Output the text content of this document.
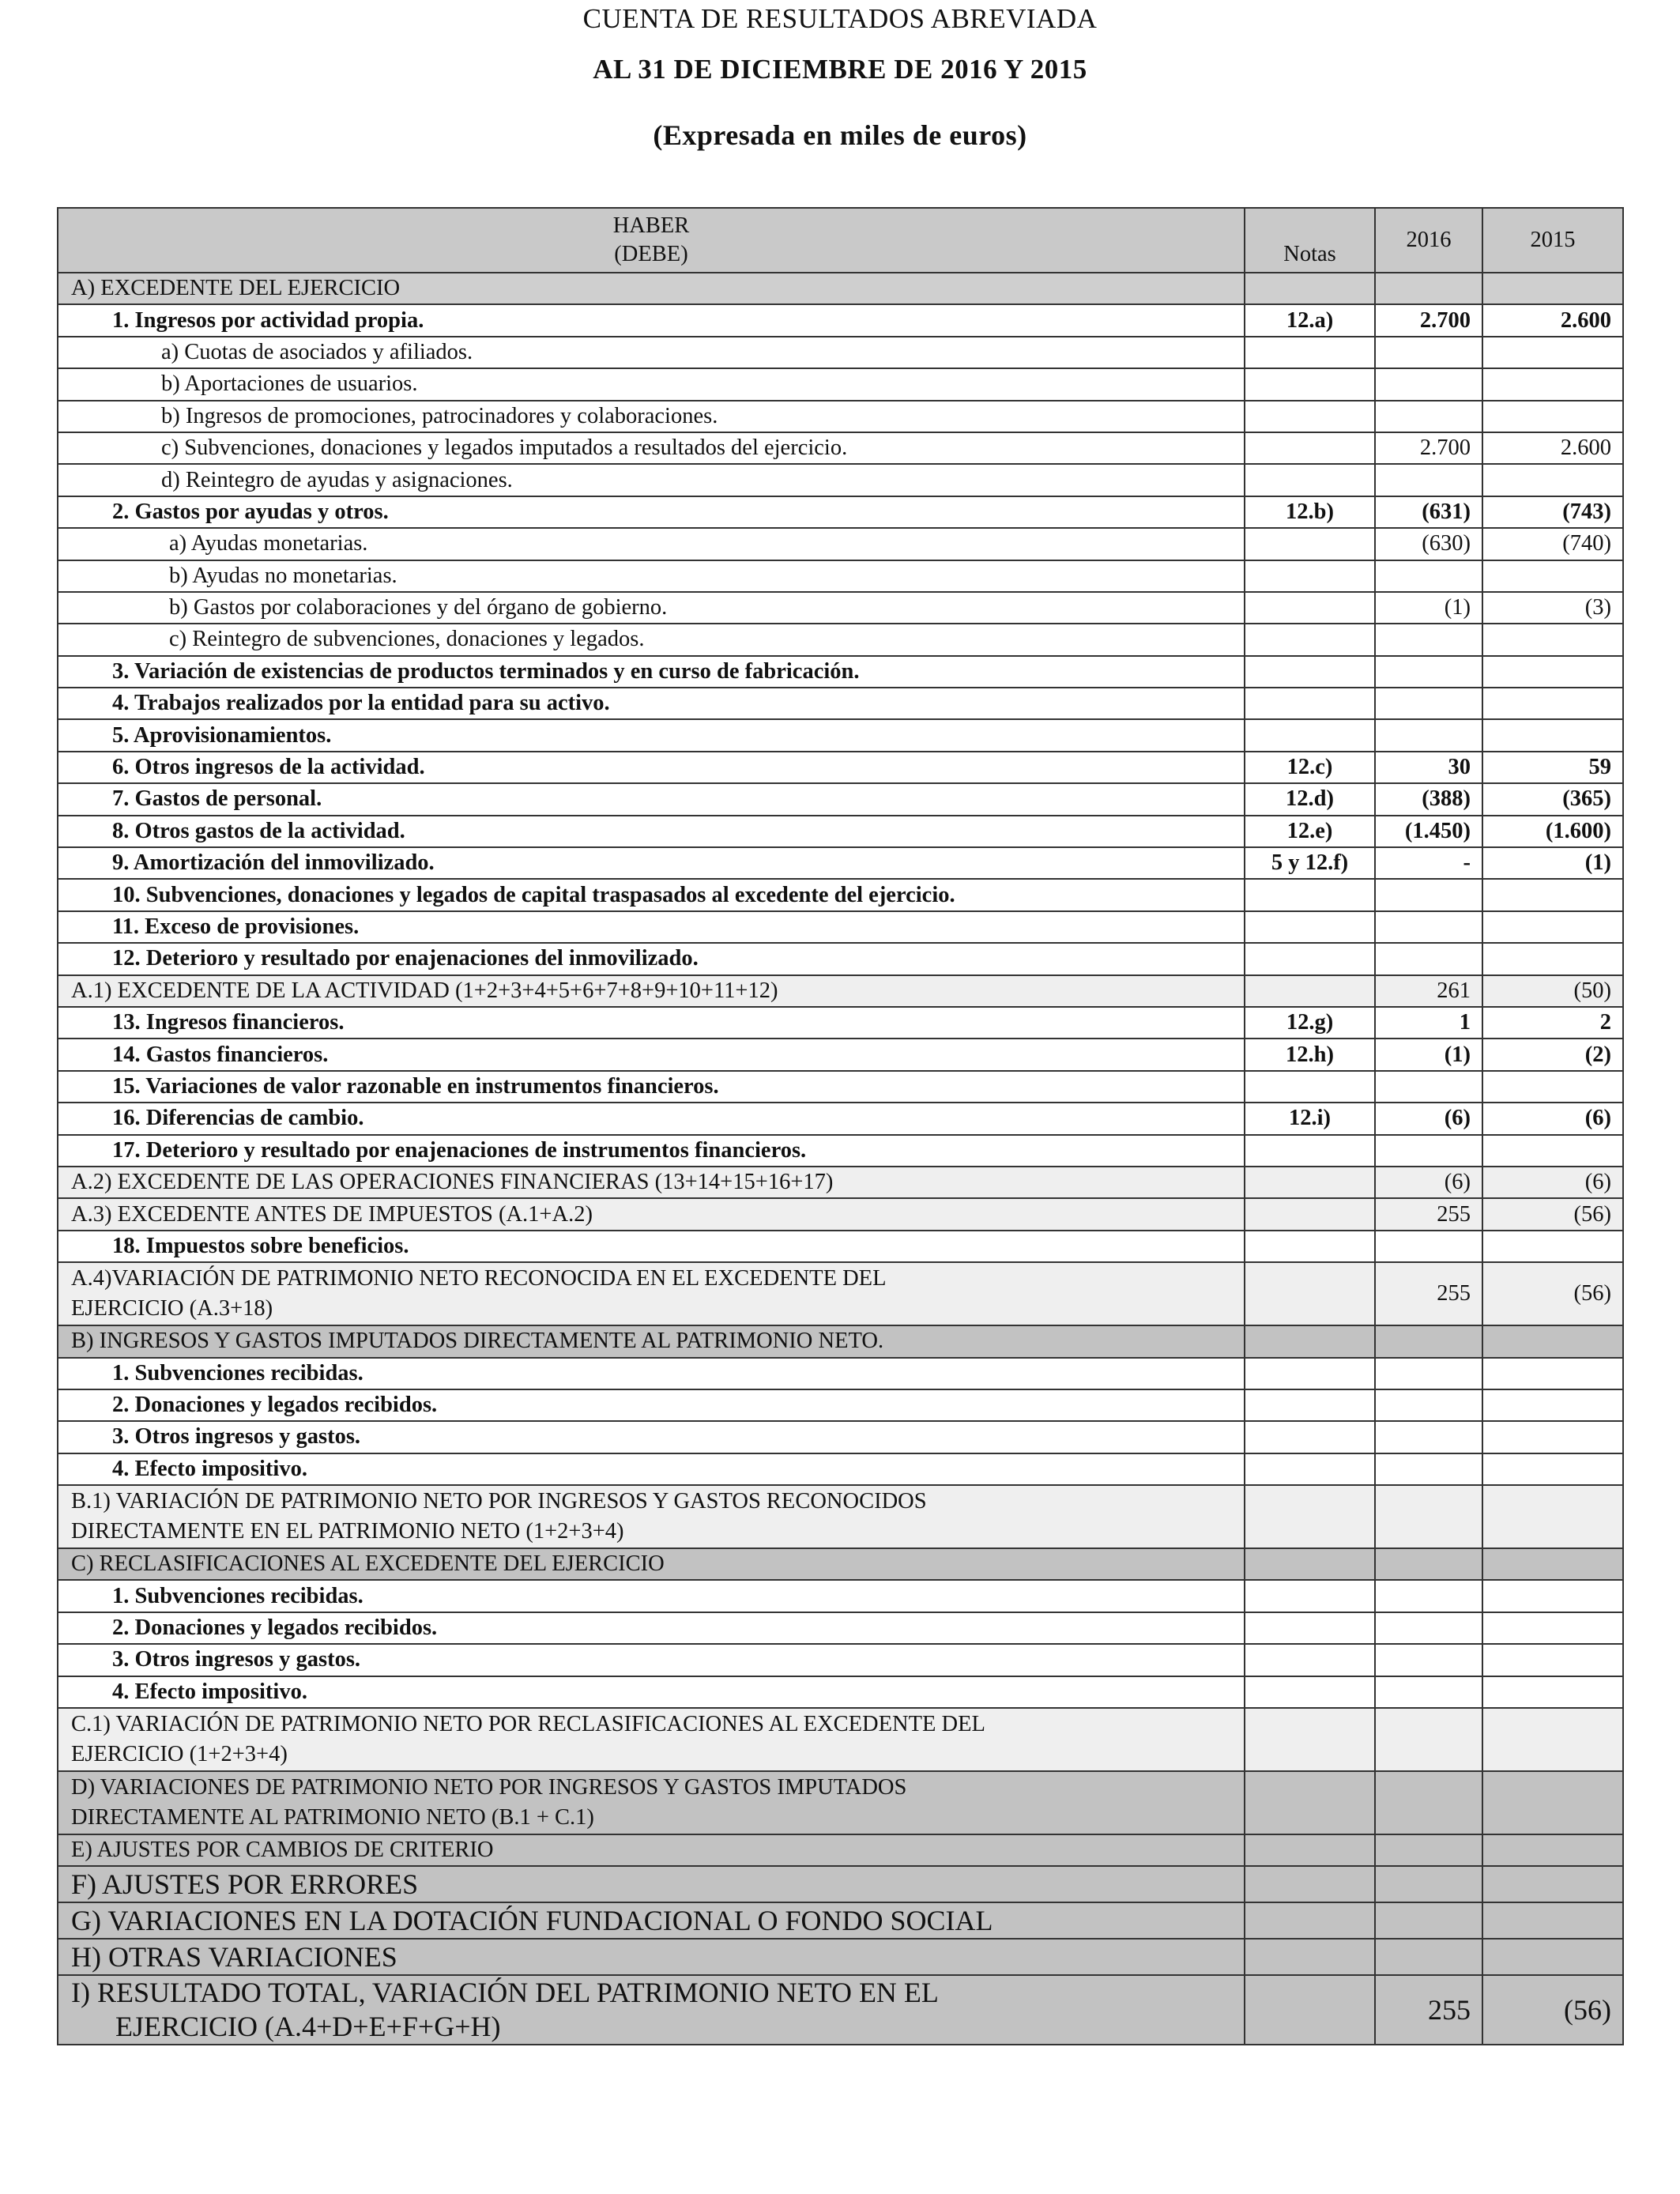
CUENTA DE RESULTADOS ABREVIADA
AL 31 DE DICIEMBRE DE 2016 Y 2015
(Expresada en miles de euros)
HABER
(DEBE)	Notas	2016	2015
A) EXCEDENTE DEL EJERCICIO			
1. Ingresos por actividad propia.	12.a)	2.700	2.600
a) Cuotas de asociados y afiliados.			
b) Aportaciones de usuarios.			
b) Ingresos de promociones, patrocinadores y colaboraciones.			
c) Subvenciones, donaciones y legados imputados a resultados del ejercicio.		2.700	2.600
d) Reintegro de ayudas y asignaciones.			
2. Gastos por ayudas y otros.	12.b)	(631)	(743)
a) Ayudas monetarias.		(630)	(740)
b) Ayudas no monetarias.			
b) Gastos por colaboraciones y del órgano de gobierno.		(1)	(3)
c) Reintegro de subvenciones, donaciones y legados.			
3. Variación de existencias de productos terminados y en curso de fabricación.			
4. Trabajos realizados por la entidad para su activo.			
5. Aprovisionamientos.			
6. Otros ingresos de la actividad.	12.c)	30	59
7. Gastos de personal.	12.d)	(388)	(365)
8. Otros gastos de la actividad.	12.e)	(1.450)	(1.600)
9. Amortización del inmovilizado.	5 y 12.f)	-	(1)
10. Subvenciones, donaciones y legados de capital traspasados al excedente del ejercicio.			
11. Exceso de provisiones.			
12. Deterioro y resultado por enajenaciones del inmovilizado.			
A.1) EXCEDENTE DE LA ACTIVIDAD (1+2+3+4+5+6+7+8+9+10+11+12)		261	(50)
13. Ingresos financieros.	12.g)	1	2
14. Gastos financieros.	12.h)	(1)	(2)
15. Variaciones de valor razonable en instrumentos financieros.			
16. Diferencias de cambio.	12.i)	(6)	(6)
17. Deterioro y resultado por enajenaciones de instrumentos financieros.			
A.2) EXCEDENTE DE LAS OPERACIONES FINANCIERAS (13+14+15+16+17)		(6)	(6)
A.3) EXCEDENTE ANTES DE IMPUESTOS (A.1+A.2)		255	(56)
18. Impuestos sobre beneficios.			

A.4)VARIACIÓN DE PATRIMONIO NETO RECONOCIDA EN EL EXCEDENTE DEL
EJERCICIO (A.3+18)		255	(56)
B) INGRESOS Y GASTOS IMPUTADOS DIRECTAMENTE AL PATRIMONIO NETO.			
1. Subvenciones recibidas.			
2. Donaciones y legados recibidos.			
3. Otros ingresos y gastos.			
4. Efecto impositivo.			

B.1) VARIACIÓN DE PATRIMONIO NETO POR INGRESOS Y GASTOS RECONOCIDOS
DIRECTAMENTE EN EL PATRIMONIO NETO (1+2+3+4)			

C) RECLASIFICACIONES AL EXCEDENTE DEL EJERCICIO			
1. Subvenciones recibidas.			
2. Donaciones y legados recibidos.			
3. Otros ingresos y gastos.			
4. Efecto impositivo.			

C.1) VARIACIÓN DE PATRIMONIO NETO POR RECLASIFICACIONES AL EXCEDENTE DEL
EJERCICIO (1+2+3+4)			

D) VARIACIONES DE PATRIMONIO NETO POR INGRESOS Y GASTOS IMPUTADOS
DIRECTAMENTE AL PATRIMONIO NETO (B.1 + C.1)			

E) AJUSTES POR CAMBIOS DE CRITERIO			
F) AJUSTES POR ERRORES			
G) VARIACIONES EN LA DOTACIÓN FUNDACIONAL O FONDO SOCIAL			
H) OTRAS VARIACIONES			

I) RESULTADO TOTAL, VARIACIÓN DEL PATRIMONIO NETO EN EL
EJERCICIO (A.4+D+E+F+G+H)		255	(56)
